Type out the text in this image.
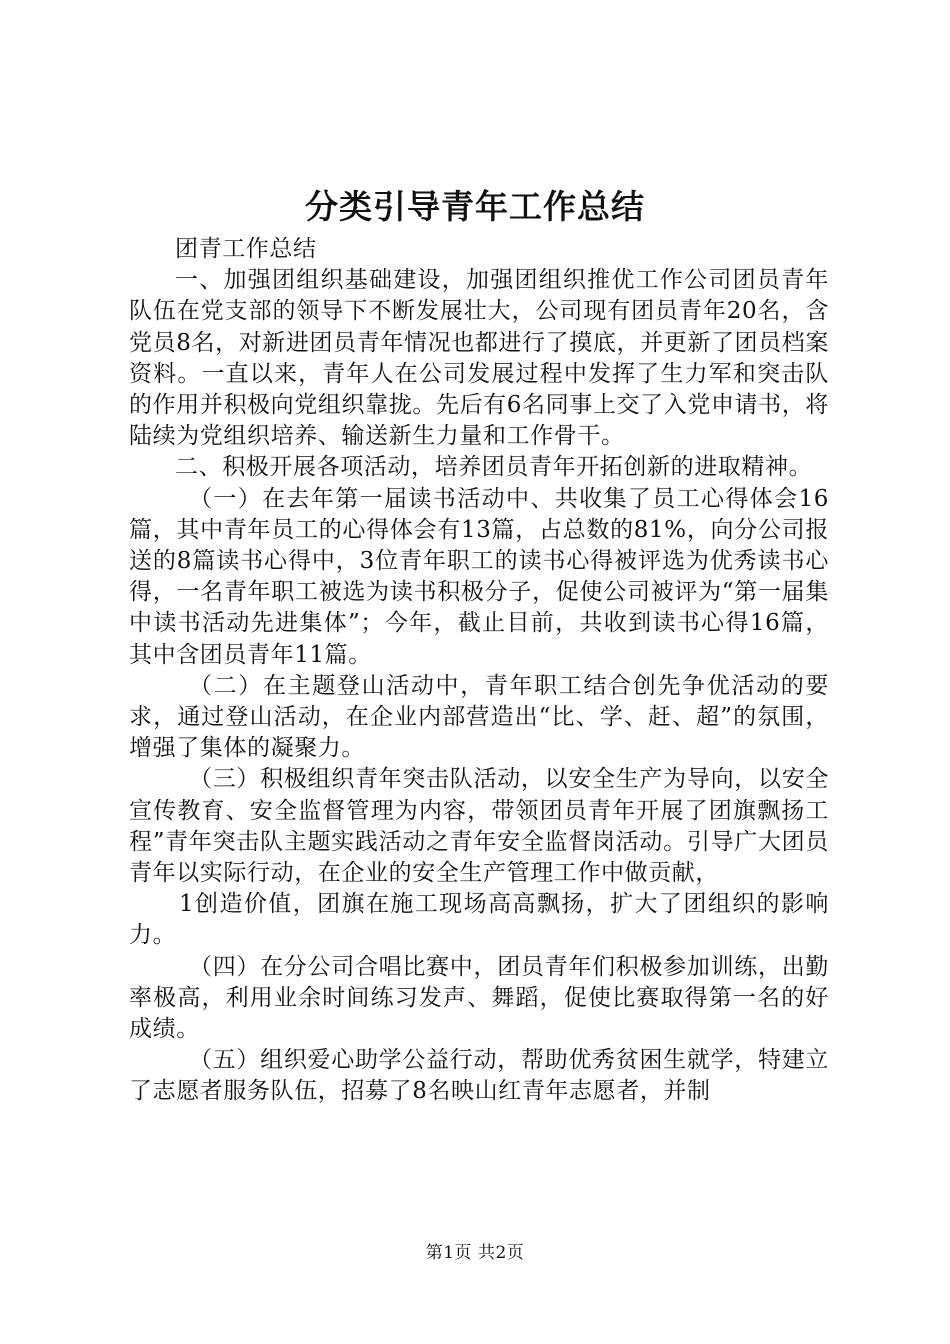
分类引导青年工作总结

团青工作总结

一、加强团组织基础建设，加强团组织推优工作公司团员青年队伍在党支部的领导下不断发展壮大，公司现有团员青年20名，含党员8名，对新进团员青年情况也都进行了摸底，并更新了团员档案资料。一直以来，青年人在公司发展过程中发挥了生力军和突击队的作用并积极向党组织靠拢。先后有6名同事上交了入党申请书，将陆续为党组织培养、输送新生力量和工作骨干。

二、积极开展各项活动，培养团员青年开拓创新的进取精神。

（一）在去年第一届读书活动中、共收集了员工心得体会16篇，其中青年员工的心得体会有13篇，占总数的81%，向分公司报送的8篇读书心得中，3位青年职工的读书心得被评选为优秀读书心得，一名青年职工被选为读书积极分子，促使公司被评为“第一届集中读书活动先进集体”；今年，截止目前，共收到读书心得16篇，其中含团员青年11篇。

（二）在主题登山活动中，青年职工结合创先争优活动的要求，通过登山活动，在企业内部营造出“比、学、赶、超”的氛围，增强了集体的凝聚力。

（三）积极组织青年突击队活动，以安全生产为导向，以安全宣传教育、安全监督管理为内容，带领团员青年开展了团旗飘扬工程”青年突击队主题实践活动之青年安全监督岗活动。引导广大团员青年以实际行动，在企业的安全生产管理工作中做贡献，

1创造价值，团旗在施工现场高高飘扬，扩大了团组织的影响力。

（四）在分公司合唱比赛中，团员青年们积极参加训练，出勤率极高，利用业余时间练习发声、舞蹈，促使比赛取得第一名的好成绩。

（五）组织爱心助学公益行动，帮助优秀贫困生就学，特建立了志愿者服务队伍，招募了8名映山红青年志愿者，并制

第1页 共2页
